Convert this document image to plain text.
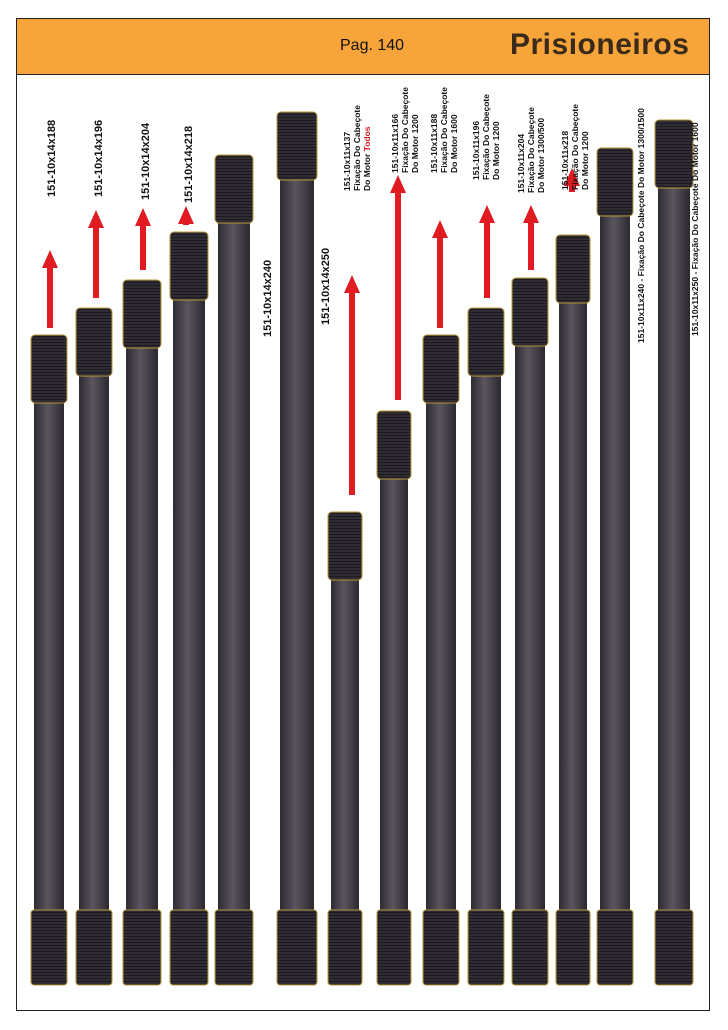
Pag. 140	Prisioneiros
151-10x14x188	151-10x14x196	151-10x14x204	151-10x14x218
151-10x14x240	151-10x14x250
151-10x11x137 Fixação Do Cabeçote Do Motor Todos 151-10x11x166 Fixação Do Cabeçote Do Motor 1200 151-10x11x188 Fixação Do Cabeçote Do Motor 1600 151-10x11x196 Fixação Do Cabeçote Do Motor 1200 151-10x11x204 Fixação Do Cabeçote Do Motor 1300/500 151-10x11x218 Fixação Do Cabeçote Do Motor 1200	151-10x11x240 - Fixação Do Cabeçote Do Motor 1300/1500	151-10x11x250 - Fixação Do Cabeçote Do Motor 1600
